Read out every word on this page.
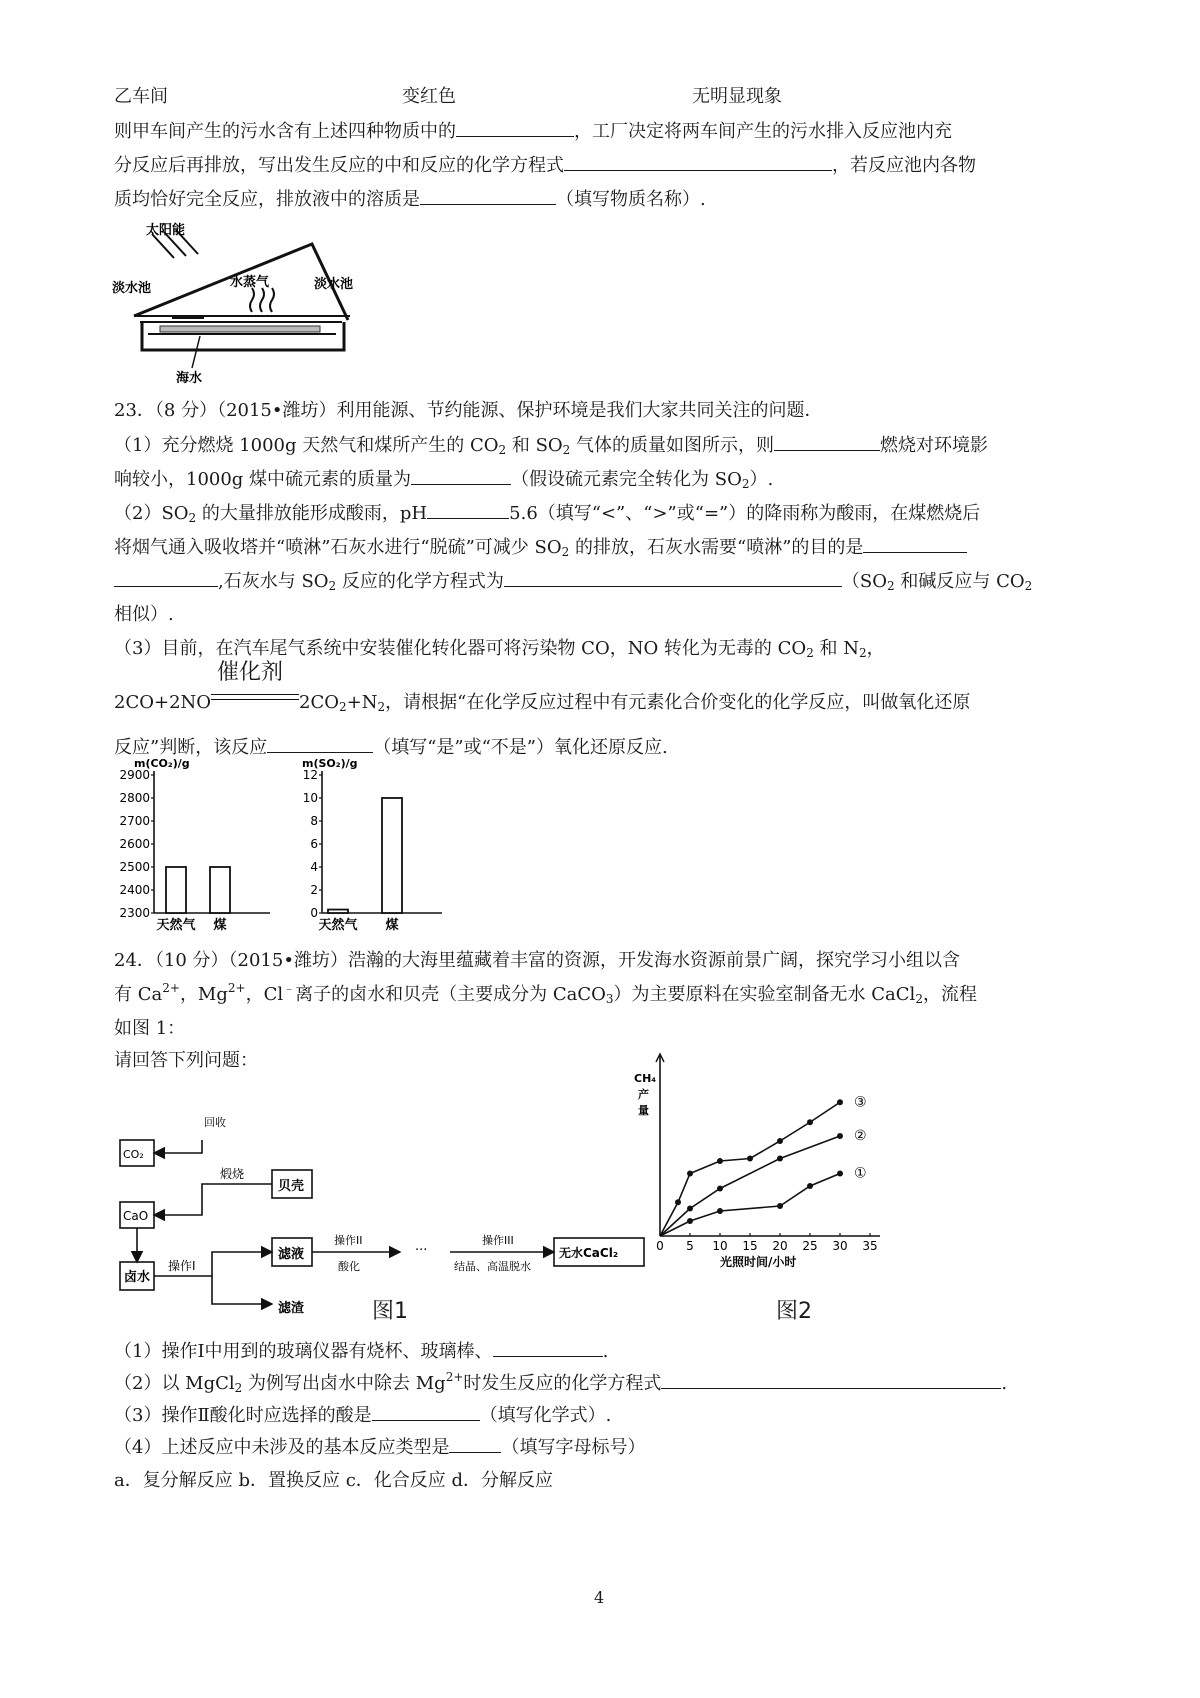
乙车间	变红色	无明显现象
则甲车间产生的污水含有上述四种物质中的	，工厂决定将两车间产生的污水排入反应池内充
分反应后再排放，写出发生反应的中和反应的化学方程式	，若反应池内各物
质均恰好完全反应，排放液中的溶质是	（填写物质名称）.
太阳能
淡水池	水蒸气	淡水池
海水
23．（8 分）（2015•潍坊）利用能源、节约能源、保护环境是我们大家共同关注的问题．
（1）充分燃烧 1000g 天然气和煤所产生的 $CO_2$ 和 $SO_2$ 气体的质量如图所示，则	燃烧对环境影
响较小，1000g 煤中硫元素的质量为	（假设硫元素完全转化为 $SO_2$）.
$(2)SO_2$ 的大量排放能形成酸雨，pH	5.6（填写“<”、“>”或“=”）的降雨称为酸雨，在煤燃烧后
将烟气通入吸收塔并“喷淋”石灰水进行“脱硫”可减少 $SO_2$ 的排放，石灰水需要“喷淋”的目的是
,石灰水与 $SO_2$ 反应的化学方程式为	（$SO_2$ 和碱反应与 $CO_2$
相似）.
（3）目前，在汽车尾气系统中安装催化转化器可将污染物 CO，NO 转化为无毒的 $CO_2$ 和 $N_2$，
2CO+2NO
催化剂
$2CO_2+N_2$，请根据“在化学反应过程中有元素化合价变化的化学反应，叫做氧化还原
反应”判断，该反应	（填写“是”或“不是”）氧化还原反应.
m(CO₂)/g
2300
2400
2500
2600
2700
2800
2900
天然气 煤
m(SO₂)/g
0
2
4
6
8
10
12
天然气 煤
24．（10 分）（2015•潍坊）浩瀚的大海里蕴藏着丰富的资源，开发海水资源前景广阔，探究学习小组以含
有 $Ca^{2+}$，$Mg^{2+}$，Cl﹣离子的卤水和贝壳（主要成分为 CaCO$_3$）为主要原料在实验室制备无水 CaCl$_2$，流程
如图 1：
请回答下列问题：
CO₂
CaO
贝壳
卤水
滤液
滤渣
回收
煅烧
操作I
操作II
酸化
···
操作III
结晶、高温脱水
无水CaCl₂
图1
CH₄
产
量
0 5 10 15 20 25 30 35
光照时间/小时
①
②
③
图2
（1）操作Ⅰ中用到的玻璃仪器有烧杯、玻璃棒、	.
（2）以 MgCl$_2$ 为例写出卤水中除去 $Mg^{2+}$时发生反应的化学方程式	.
（3）操作Ⅱ酸化时应选择的酸是	（填写化学式）.
（4）上述反应中未涉及的基本反应类型是	（填写字母标号）
a．复分解反应 b．置换反应 c．化合反应 d．分解反应
4
